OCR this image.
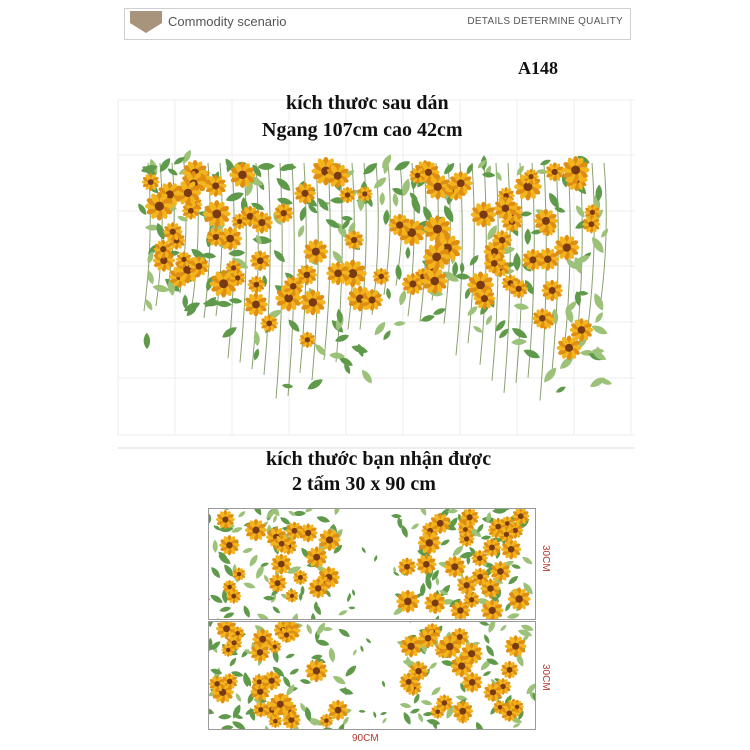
Commodity scenario	DETAILS DETERMINE QUALITY
A148
kích thươc sau dán
Ngang 107cm cao 42cm
kích thước bạn nhận được
2 tấm 30 x 90 cm
30CM
30CM
90CM
